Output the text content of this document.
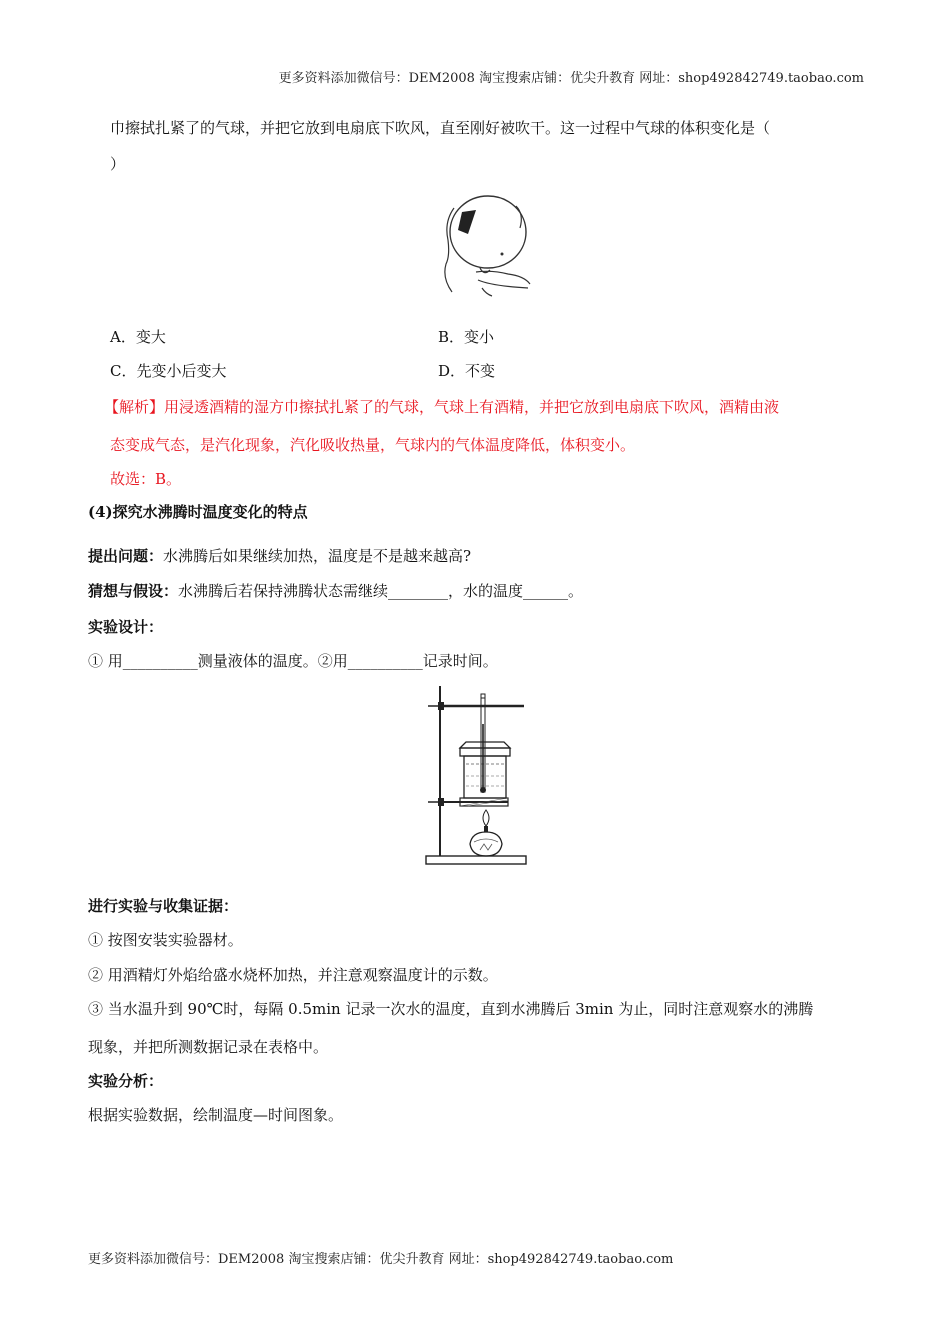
更多资料添加微信号：DEM2008 淘宝搜索店铺：优尖升教育 网址：shop492842749.taobao.com
巾擦拭扎紧了的气球，并把它放到电扇底下吹风，直至刚好被吹干。这一过程中气球的体积变化是（
）
A．变大	B．变小
C．先变小后变大	D．不变
【解析】用浸透酒精的湿方巾擦拭扎紧了的气球，气球上有酒精，并把它放到电扇底下吹风，酒精由液
态变成气态，是汽化现象，汽化吸收热量，气球内的气体温度降低，体积变小。
故选：B。
(4)探究水沸腾时温度变化的特点
提出问题：水沸腾后如果继续加热，温度是不是越来越高?
猜想与假设：水沸腾后若保持沸腾状态需继续________，水的温度______。
实验设计：
① 用__________测量液体的温度。②用__________记录时间。
进行实验与收集证据：
① 按图安装实验器材。
② 用酒精灯外焰给盛水烧杯加热，并注意观察温度计的示数。
③ 当水温升到 90℃时，每隔 0.5min 记录一次水的温度，直到水沸腾后 3min 为止，同时注意观察水的沸腾
现象，并把所测数据记录在表格中。
实验分析：
根据实验数据，绘制温度—时间图象。
更多资料添加微信号：DEM2008 淘宝搜索店铺：优尖升教育 网址：shop492842749.taobao.com
